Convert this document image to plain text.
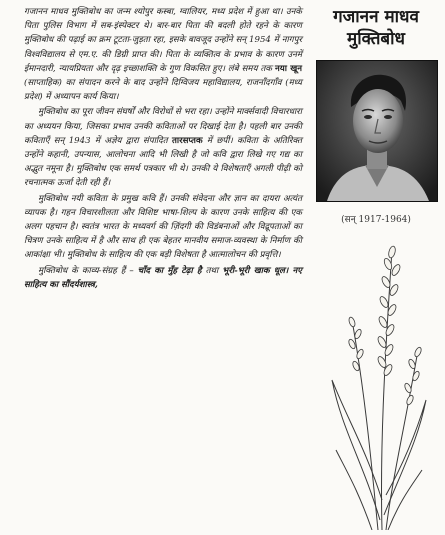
गजानन माधव मुक्तिबोध का जन्म श्योपुर कस्बा, ग्वालियर, मध्य प्रदेश में हुआ था। उनके पिता पुलिस विभाग में सब-इंस्पेक्टर थे। बार-बार पिता की बदली होते रहने के कारण मुक्तिबोध की पढ़ाई का क्रम टूटता-जुड़ता रहा, इसके बावजूद उन्होंने सन् 1954 में नागपुर विश्वविद्यालय से एम.ए. की डिग्री प्राप्त की। पिता के व्यक्तित्व के प्रभाव के कारण उनमें ईमानदारी, न्यायप्रियता और दृढ़ इच्छाशक्ति के गुण विकसित हुए। लंबे समय तक नया खून (साप्ताहिक) का संपादन करने के बाद उन्होंने दिग्विजय महाविद्यालय, राजनाँदगाँव (मध्य प्रदेश) में अध्यापन कार्य किया।

मुक्तिबोध का पूरा जीवन संघर्षों और विरोधों से भरा रहा। उन्होंने मार्क्सवादी विचारधारा का अध्ययन किया, जिसका प्रभाव उनकी कविताओं पर दिखाई देता है। पहली बार उनकी कविताएँ सन् 1943 में अज्ञेय द्वारा संपादित तारसप्तक में छपीं। कविता के अतिरिक्त उन्होंने कहानी, उपन्यास, आलोचना आदि भी लिखी है जो कवि द्वारा लिखे गए गद्य का अद्भुत नमूना है। मुक्तिबोध एक समर्थ पत्रकार भी थे। उनकी ये विशेषताएँ अगली पीढ़ी को रचनात्मक ऊर्जा देती रही हैं।

मुक्तिबोध नयी कविता के प्रमुख कवि हैं। उनकी संवेदना और ज्ञान का दायरा अत्यंत व्यापक है। गहन विचारशीलता और विशिष्ट भाषा-शिल्प के कारण उनके साहित्य की एक अलग पहचान है। स्वतंत्र भारत के मध्यवर्ग की ज़िंदगी की विडंबनाओं और विद्रूपताओं का चित्रण उनके साहित्य में है और साथ ही एक बेहतर मानवीय समाज-व्यवस्था के निर्माण की आकांक्षा भी। मुक्तिबोध के साहित्य की एक बड़ी विशेषता है आत्मालोचन की प्रवृत्ति।

मुक्तिबोध के काव्य-संग्रह हैं – चाँद का मुँह टेढ़ा है तथा भूरी-भूरी खाक धूल। नए साहित्य का सौंदर्यशास्त्र,

गजानन माधव मुक्तिबोध
(सन् 1917-1964)
